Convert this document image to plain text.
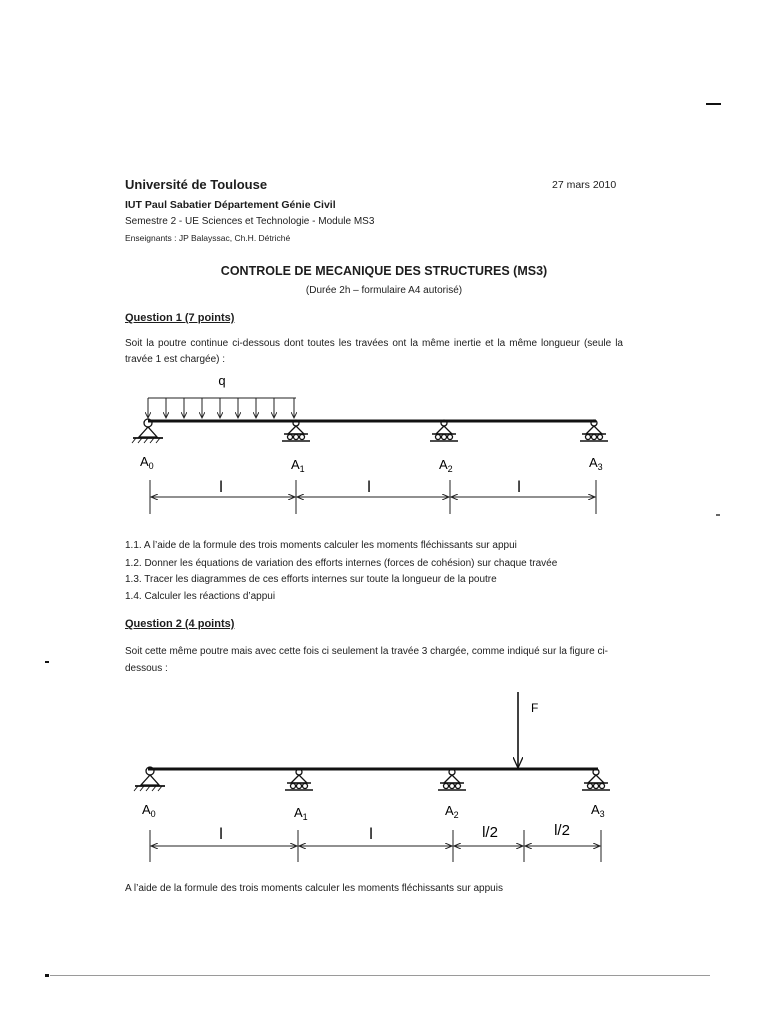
Université de Toulouse	27 mars 2010
IUT Paul Sabatier Département Génie Civil
Semestre 2 - UE Sciences et Technologie - Module MS3
Enseignants : JP Balayssac, Ch.H. Détriché
CONTROLE DE MECANIQUE DES STRUCTURES (MS3)
(Durée 2h – formulaire A4 autorisé)
Question 1 (7 points)
Soit la poutre continue ci-dessous dont toutes les travées ont la même inertie et la même longueur (seule la travée 1 est chargée) :
q
$A_0$	$A_1$	$A_2$	$A_3$
l	l	l
1.1. A l’aide de la formule des trois moments calculer les moments fléchissants sur appui
1.2. Donner les équations de variation des efforts internes (forces de cohésion) sur chaque travée
1.3. Tracer les diagrammes de ces efforts internes sur toute la longueur de la poutre
1.4. Calculer les réactions d’appui
Question 2 (4 points)
Soit cette même poutre mais avec cette fois ci seulement la travée 3 chargée, comme indiqué sur la figure ci-dessous :
F
$A_0$	$A_1$	$A_2$	$A_3$
l	l	l/2	l/2
A l’aide de la formule des trois moments calculer les moments fléchissants sur appuis
